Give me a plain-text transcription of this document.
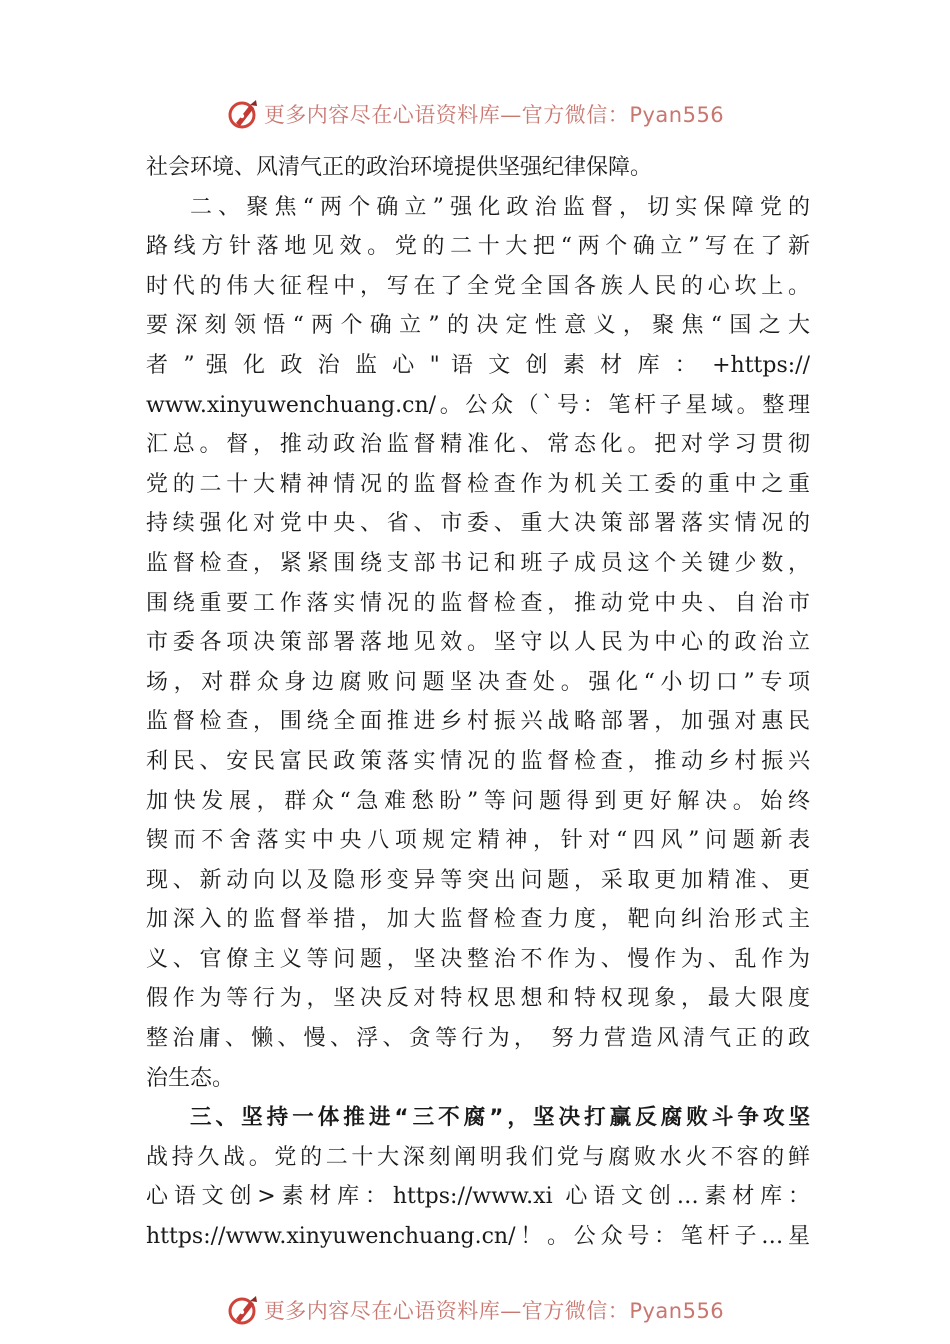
更多内容尽在心语资料库—官方微信：Pyan556
社会环境、风清气正的政治环境提供坚强纪律保障。
二、聚焦“两个确立”强化政治监督，切实保障党的
路线方针落地见效。党的二十大把“两个确立”写在了新
时代的伟大征程中，写在了全党全国各族人民的心坎上。
要深刻领悟“两个确立”的决定性意义，聚焦“国之大
者 ” 强 化 政 治 监 心 " 语 文 创 素 材 库 ： +https://
www.xinyuwenchuang.cn/。公众（`号：笔杆子星域。整理
汇总。督，推动政治监督精准化、常态化。把对学习贯彻
党的二十大精神情况的监督检查作为机关工委的重中之重
持续强化对党中央、省、市委、重大决策部署落实情况的
监督检查，紧紧围绕支部书记和班子成员这个关键少数，
围绕重要工作落实情况的监督检查，推动党中央、自治市
市委各项决策部署落地见效。坚守以人民为中心的政治立
场，对群众身边腐败问题坚决查处。强化“小切口”专项
监督检查，围绕全面推进乡村振兴战略部署，加强对惠民
利民、安民富民政策落实情况的监督检查，推动乡村振兴
加快发展，群众“急难愁盼”等问题得到更好解决。始终
锲而不舍落实中央八项规定精神，针对“四风”问题新表
现、新动向以及隐形变异等突出问题，采取更加精准、更
加深入的监督举措，加大监督检查力度，靶向纠治形式主
义、官僚主义等问题，坚决整治不作为、慢作为、乱作为
假作为等行为，坚决反对特权思想和特权现象，最大限度
整治庸、懒、慢、浮、贪等行为， 努力营造风清气正的政
治生态。
三、坚持一体推进“三不腐”，坚决打赢反腐败斗争攻坚
战持久战。党的二十大深刻阐明我们党与腐败水火不容的鲜
心语文创>素材库：https://www.xi 心语文创…素材库：
https://www.xinyuwenchuang.cn/！。公众号：笔杆子…星
更多内容尽在心语资料库—官方微信：Pyan556
